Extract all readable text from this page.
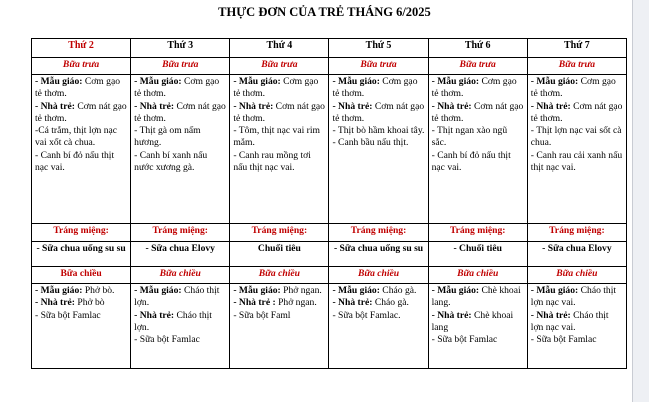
THỰC ĐƠN CỦA TRẺ THÁNG 6/2025
Thứ 2	Thứ 3	Thứ 4	Thứ 5	Thứ 6	Thứ 7
Bữa trưa	Bữa trưa	Bữa trưa	Bữa trưa	Bữa trưa	Bữa trưa

- Mẫu giáo: Cơm gạo tẻ thơm.
- Nhà trẻ: Cơm nát gạo tẻ thơm.
-Cá trắm, thịt lợn nạc vai xốt cà chua.
- Canh bí đỏ nấu thịt nạc vai.	- Mẫu giáo: Cơm gạo tẻ thơm.
- Nhà trẻ: Cơm nát gạo tẻ thơm.
- Thịt gà om nấm hương.
- Canh bí xanh nấu nước xương gà.	- Mẫu giáo: Cơm gạo tẻ thơm.
- Nhà trẻ: Cơm nát gạo tẻ thơm.
- Tôm, thịt nạc vai rim mắm.
- Canh rau mồng tơi nấu thịt nạc vai.	- Mẫu giáo: Cơm gạo tẻ thơm.
- Nhà trẻ: Cơm nát gạo tẻ thơm.
- Thịt bò hầm khoai tây.
- Canh bầu nấu thịt.	- Mẫu giáo: Cơm gạo tẻ thơm.
- Nhà trẻ: Cơm nát gạo tẻ thơm.
- Thịt ngan xào ngũ sắc.
- Canh bí đỏ nấu thịt nạc vai.	- Mẫu giáo: Cơm gạo tẻ thơm.
- Nhà trẻ: Cơm nát gạo tẻ thơm.
- Thịt lợn nạc vai sốt cà chua.
- Canh rau cải xanh nấu thịt nạc vai.

Tráng miệng:	Tráng miệng:	Tráng miệng:	Tráng miệng:	Tráng miệng:	Tráng miệng:
- Sữa chua uống su su	- Sữa chua Elovy	Chuối tiêu	- Sữa chua uống su su	- Chuối tiêu	- Sữa chua Elovy
Bữa chiều	Bữa chiều	Bữa chiều	Bữa chiều	Bữa chiều	Bữa chiều

- Mẫu giáo: Phở bò.
- Nhà trẻ: Phở bò
- Sữa bột Famlac	- Mẫu giáo: Cháo thịt lợn.
- Nhà trẻ: Cháo thịt lợn.
- Sữa bột Famlac	- Mẫu giáo: Phở ngan.
- Nhà trẻ : Phở ngan.
- Sữa bột Faml	- Mẫu giáo: Cháo gà.
- Nhà trẻ: Cháo gà.
- Sữa bột Famlac.	- Mẫu giáo: Chè khoai lang.
- Nhà trẻ: Chè khoai lang
- Sữa bột Famlac	- Mẫu giáo: Cháo thịt lợn nạc vai.
- Nhà trẻ: Cháo thịt lợn nạc vai.
- Sữa bột Famlac
